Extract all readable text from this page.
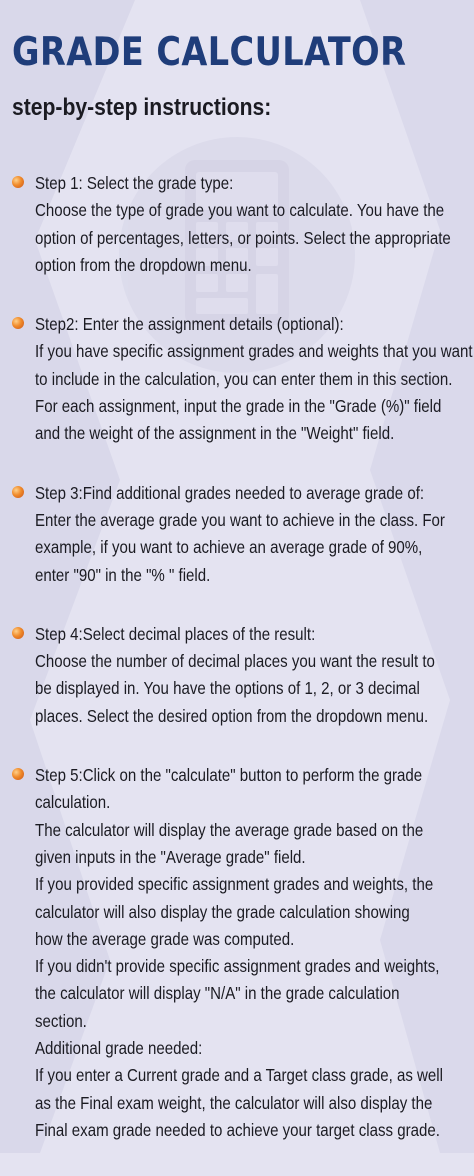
GRADE CALCULATOR
step-by-step instructions:
Step 1: Select the grade type:
Choose the type of grade you want to calculate. You have the
option of percentages, letters, or points. Select the appropriate
option from the dropdown menu.
Step2: Enter the assignment details (optional):
If you have specific assignment grades and weights that you want
to include in the calculation, you can enter them in this section.
For each assignment, input the grade in the "Grade (%)" field
and the weight of the assignment in the "Weight" field.
Step 3:Find additional grades needed to average grade of:
Enter the average grade you want to achieve in the class. For
example, if you want to achieve an average grade of 90%,
enter "90" in the "% " field.
Step 4:Select decimal places of the result:
Choose the number of decimal places you want the result to
be displayed in. You have the options of 1, 2, or 3 decimal
places. Select the desired option from the dropdown menu.
Step 5:Click on the "calculate" button to perform the grade
calculation.
The calculator will display the average grade based on the
given inputs in the "Average grade" field.
If you provided specific assignment grades and weights, the
calculator will also display the grade calculation showing
how the average grade was computed.
If you didn't provide specific assignment grades and weights,
the calculator will display "N/A" in the grade calculation
section.
Additional grade needed:
If you enter a Current grade and a Target class grade, as well
as the Final exam weight, the calculator will also display the
Final exam grade needed to achieve your target class grade.
